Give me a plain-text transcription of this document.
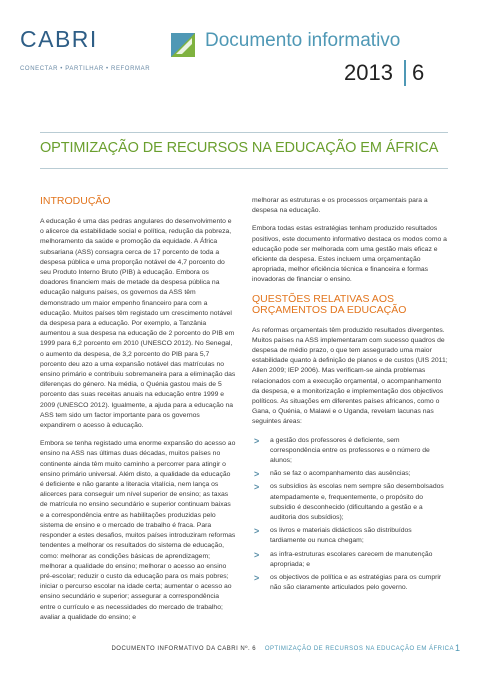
CABRI
CONECTAR • PARTILHAR • REFORMAR
Documento informativo
2013 6
OPTIMIZAÇÃO DE RECURSOS NA EDUCAÇÃO EM ÁFRICA
INTRODUÇÃO

A educação é uma das pedras angulares do desenvolvimento e o alicerce da estabilidade social e política, redução da pobreza, melhoramento da saúde e promoção da equidade. A África subsariana (ASS) consagra cerca de 17 porcento de toda a despesa pública e uma proporção notável de 4,7 porcento do seu Produto Interno Bruto (PIB) à educação. Embora os doadores financiem mais de metade da despesa pública na educação nalguns países, os governos da ASS têm demonstrado um maior empenho financeiro para com a educação. Muitos países têm registado um crescimento notável da despesa para a educação. Por exemplo, a Tanzânia aumentou a sua despesa na educação de 2 porcento do PIB em 1999 para 6,2 porcento em 2010 (UNESCO 2012). No Senegal, o aumento da despesa, de 3,2 porcento do PIB para 5,7 porcento deu azo a uma expansão notável das matrículas no ensino primário e contribuiu sobremaneira para a eliminação das diferenças do género. Na média, o Quénia gastou mais de 5 porcento das suas receitas anuais na educação entre 1999 e 2009 (UNESCO 2012). Igualmente, a ajuda para a educação na ASS tem sido um factor importante para os governos expandirem o acesso à educação.

Embora se tenha registado uma enorme expansão do acesso ao ensino na ASS nas últimas duas décadas, muitos países no continente ainda têm muito caminho a percorrer para atingir o ensino primário universal. Além disto, a qualidade da educação é deficiente e não garante a literacia vitalícia, nem lança os alicerces para conseguir um nível superior de ensino; as taxas de matrícula no ensino secundário e superior continuam baixas e a correspondência entre as habilitações produzidas pelo sistema de ensino e o mercado de trabalho é fraca. Para responder a estes desafios, muitos países introduziram reformas tendentes a melhorar os resultados do sistema de educação, como: melhorar as condições básicas de aprendizagem; melhorar a qualidade do ensino; melhorar o acesso ao ensino pré-escolar; reduzir o custo da educação para os mais pobres; iniciar o percurso escolar na idade certa; aumentar o acesso ao ensino secundário e superior; assegurar a correspondência entre o currículo e as necessidades do mercado de trabalho; avaliar a qualidade do ensino; e

melhorar as estruturas e os processos orçamentais para a despesa na educação.

Embora todas estas estratégias tenham produzido resultados positivos, este documento informativo destaca os modos como a educação pode ser melhorada com uma gestão mais eficaz e eficiente da despesa. Estes incluem uma orçamentação apropriada, melhor eficiência técnica e financeira e formas inovadoras de financiar o ensino.

QUESTÕES RELATIVAS AOS
ORÇAMENTOS DA EDUCAÇÃO

As reformas orçamentais têm produzido resultados divergentes. Muitos países na ASS implementaram com sucesso quadros de despesa de médio prazo, o que tem assegurado uma maior estabilidade quanto à definição de planos e de custos (UIS 2011; Allen 2009; IEP 2006). Mas verificam-se ainda problemas relacionados com a execução orçamental, o acompanhamento da despesa, e a monitorização e implementação dos objectivos políticos. As situações em diferentes países africanos, como o Gana, o Quénia, o Malawi e o Uganda, revelam lacunas nas seguintes áreas:

> a gestão dos professores é deficiente, sem correspondência entre os professores e o número de alunos;
> não se faz o acompanhamento das ausências;
> os subsídios às escolas nem sempre são desembolsados atempadamente e, frequentemente, o propósito do subsídio é desconhecido (dificultando a gestão e a auditoria dos subsídios);
> os livros e materiais didácticos são distribuídos tardiamente ou nunca chegam;
> as infra-estruturas escolares carecem de manutenção apropriada; e
> os objectivos de política e as estratégias para os cumprir não são claramente articulados pelo governo.
DOCUMENTO INFORMATIVO DA CABRI Nº. 6 OPTIMIZAÇÃO DE RECURSOS NA EDUCAÇÃO EM ÁFRICA 1
